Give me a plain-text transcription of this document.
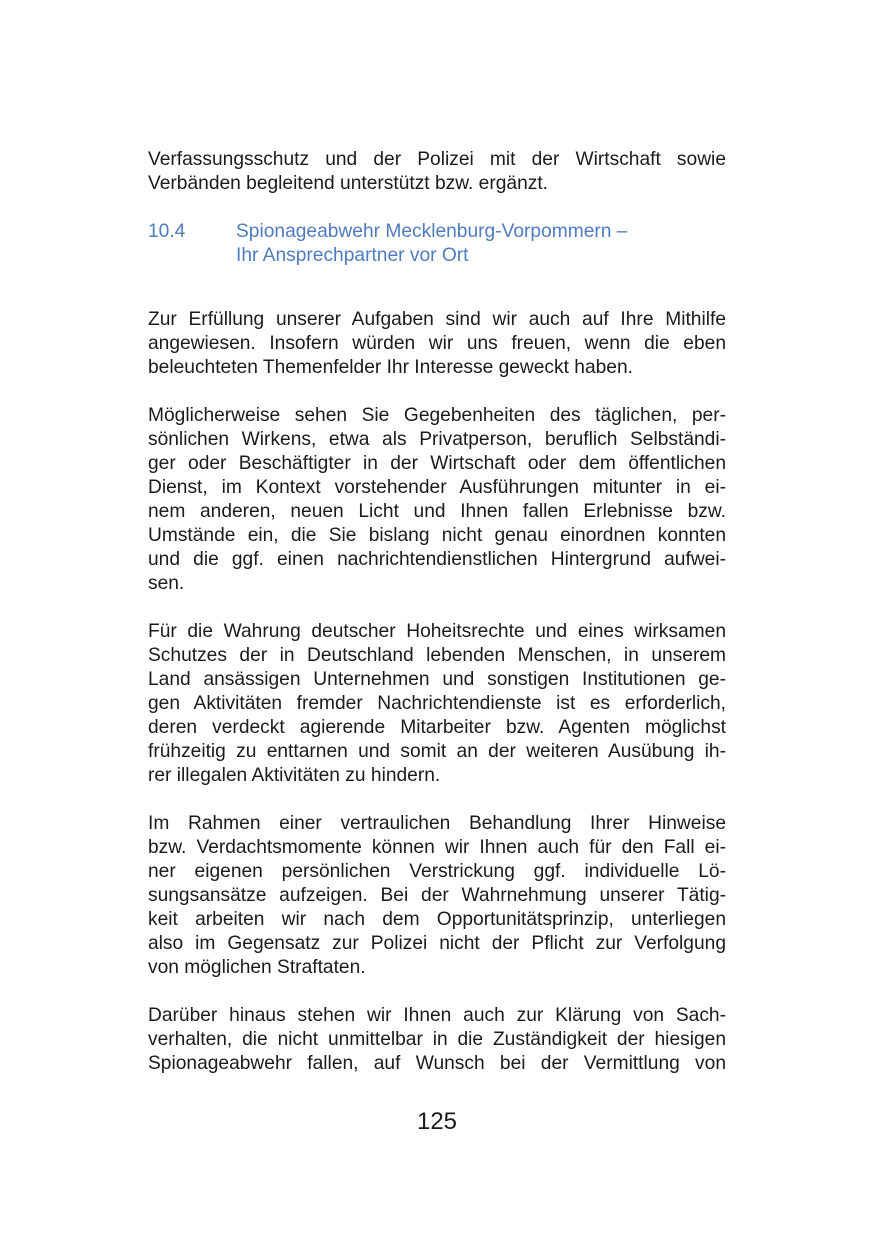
Verfassungsschutz und der Polizei mit der Wirtschaft sowie
Verbänden begleitend unterstützt bzw. ergänzt.

10.4	Spionageabwehr Mecklenburg-Vorpommern –
Ihr Ansprechpartner vor Ort

Zur Erfüllung unserer Aufgaben sind wir auch auf Ihre Mithilfe
angewiesen. Insofern würden wir uns freuen, wenn die eben
beleuchteten Themenfelder Ihr Interesse geweckt haben.

Möglicherweise sehen Sie Gegebenheiten des täglichen, per-
sönlichen Wirkens, etwa als Privatperson, beruflich Selbständi-
ger oder Beschäftigter in der Wirtschaft oder dem öffentlichen
Dienst, im Kontext vorstehender Ausführungen mitunter in ei-
nem anderen, neuen Licht und Ihnen fallen Erlebnisse bzw.
Umstände ein, die Sie bislang nicht genau einordnen konnten
und die ggf. einen nachrichtendienstlichen Hintergrund aufwei-
sen.

Für die Wahrung deutscher Hoheitsrechte und eines wirksamen
Schutzes der in Deutschland lebenden Menschen, in unserem
Land ansässigen Unternehmen und sonstigen Institutionen ge-
gen Aktivitäten fremder Nachrichtendienste ist es erforderlich,
deren verdeckt agierende Mitarbeiter bzw. Agenten möglichst
frühzeitig zu enttarnen und somit an der weiteren Ausübung ih-
rer illegalen Aktivitäten zu hindern.

Im Rahmen einer vertraulichen Behandlung Ihrer Hinweise
bzw. Verdachtsmomente können wir Ihnen auch für den Fall ei-
ner eigenen persönlichen Verstrickung ggf. individuelle Lö-
sungsansätze aufzeigen. Bei der Wahrnehmung unserer Tätig-
keit arbeiten wir nach dem Opportunitätsprinzip, unterliegen
also im Gegensatz zur Polizei nicht der Pflicht zur Verfolgung
von möglichen Straftaten.

Darüber hinaus stehen wir Ihnen auch zur Klärung von Sach-
verhalten, die nicht unmittelbar in die Zuständigkeit der hiesigen
Spionageabwehr fallen, auf Wunsch bei der Vermittlung von

125
